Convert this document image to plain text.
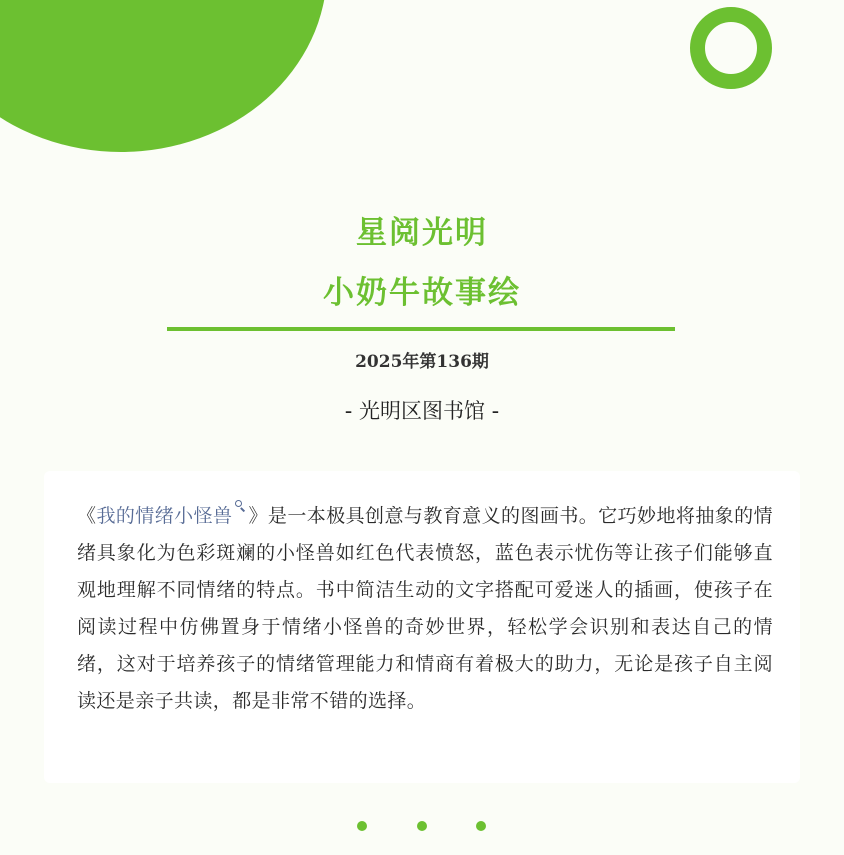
星阅光明
小奶牛故事绘
2025年第136期
- 光明区图书馆 -

《我的情绪小怪兽 》是一本极具创意与教育意义的图画书。它巧妙地将抽象的情绪具象化为色彩斑斓的小怪兽如红色代表愤怒，蓝色表示忧伤等让孩子们能够直观地理解不同情绪的特点。书中简洁生动的文字搭配可爱迷人的插画，使孩子在阅读过程中仿佛置身于情绪小怪兽的奇妙世界，轻松学会识别和表达自己的情绪，这对于培养孩子的情绪管理能力和情商有着极大的助力，无论是孩子自主阅读还是亲子共读，都是非常不错的选择。
